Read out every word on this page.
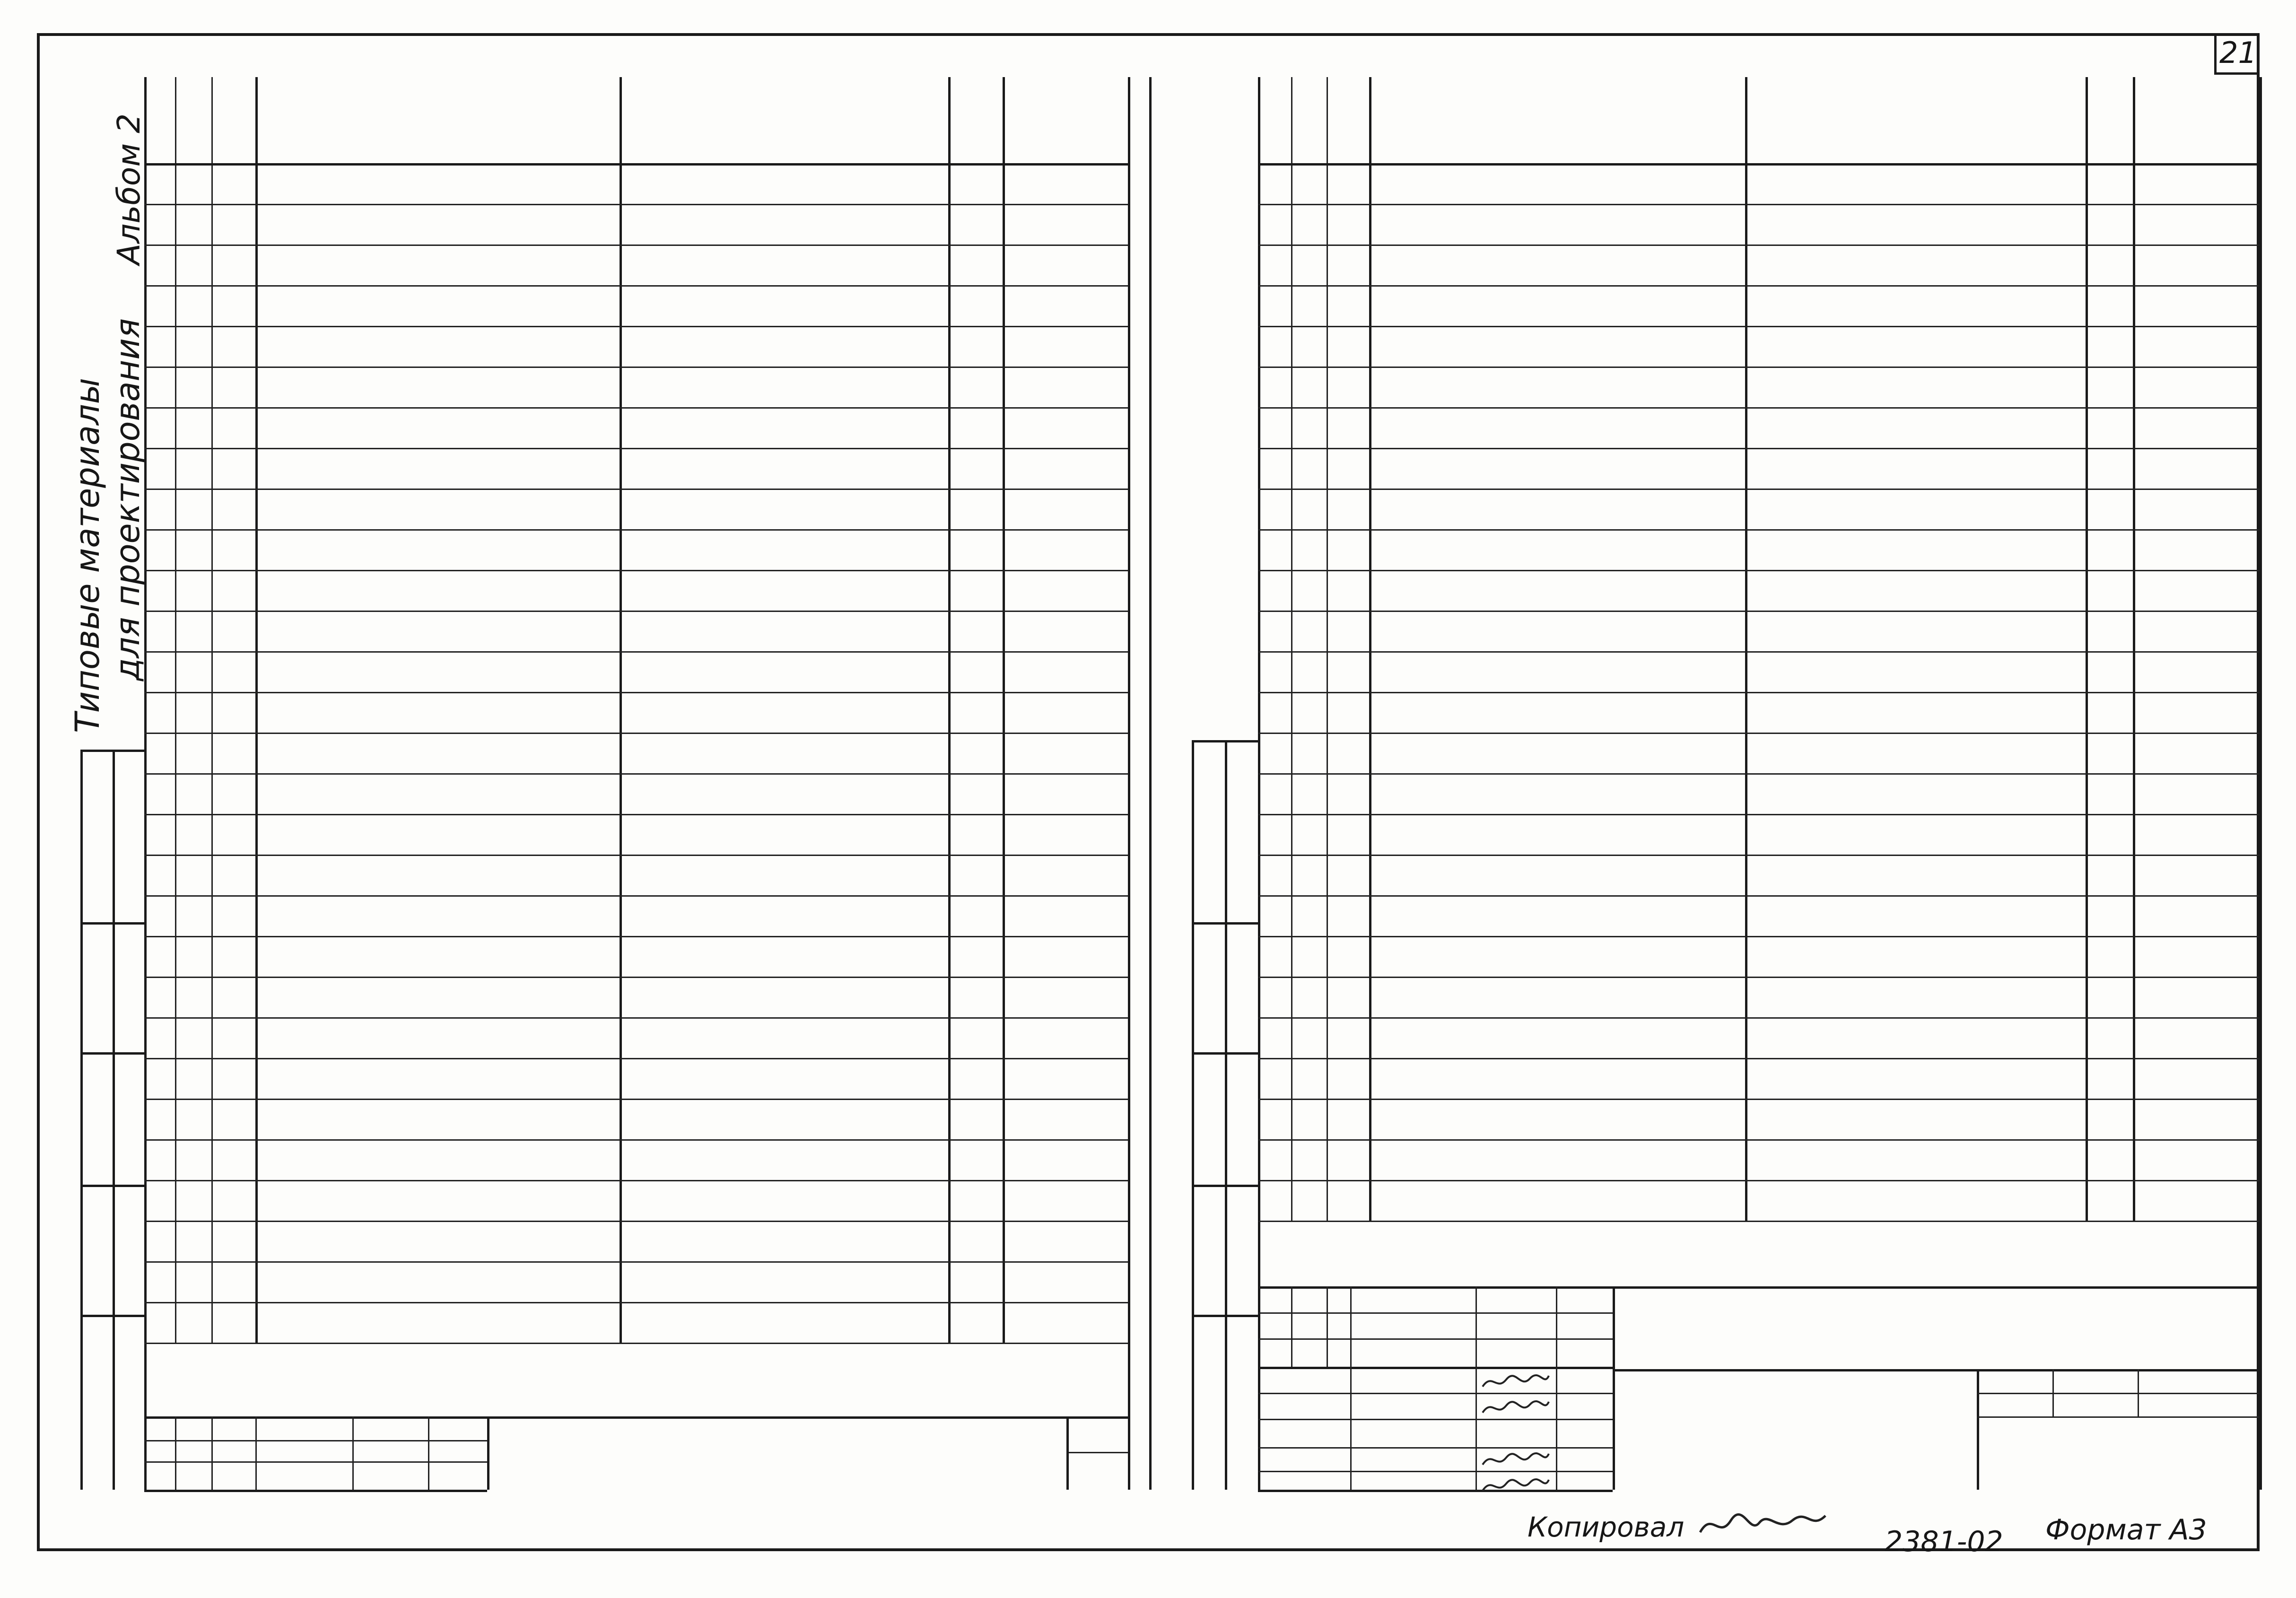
21
Альбом 2
Типовые материалы для проектирования
Копировал	2381-02 Формат А3
